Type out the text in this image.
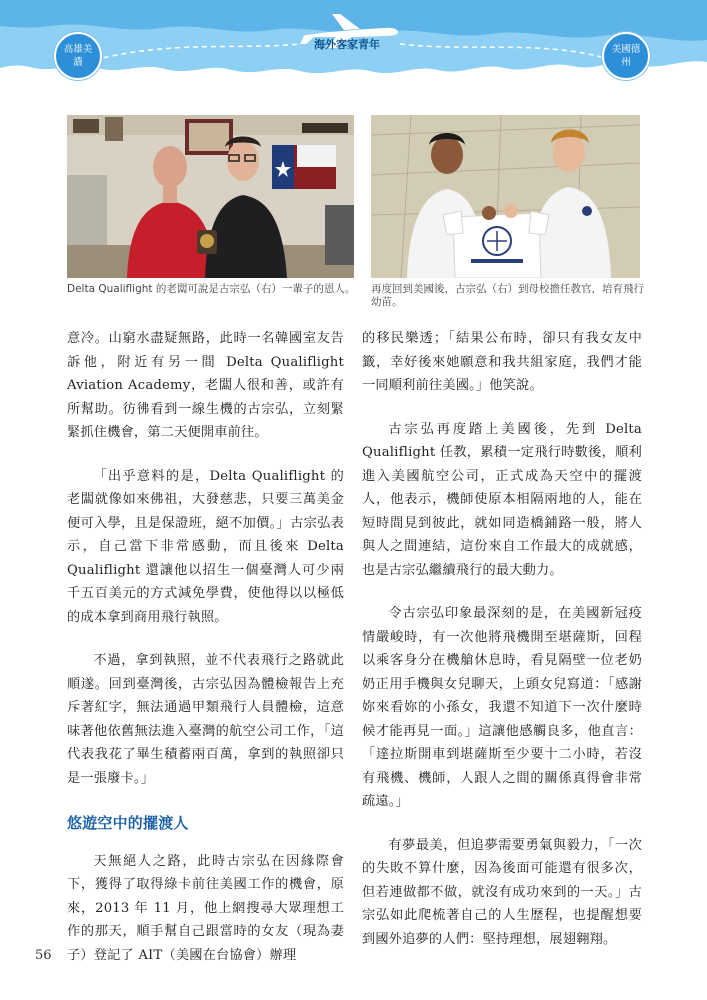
海外客家青年
高雄美濃
美國德州
Delta Qualiflight 的老闆可說是古宗弘（右）一輩子的恩人。 再度回到美國後，古宗弘（右）到母校擔任教官，培育飛行幼苗。

意冷。山窮水盡疑無路，此時一名韓國室友告訴他，附近有另一間 Delta Qualiflight Aviation Academy，老闆人很和善，或許有所幫助。彷彿看到一線生機的古宗弘，立刻緊緊抓住機會，第二天便開車前往。

「出乎意料的是，Delta Qualiflight 的老闆就像如來佛祖，大發慈悲，只要三萬美金便可入學，且是保證班，絕不加價。」古宗弘表示，自己當下非常感動，而且後來 Delta Qualiflight 還讓他以招生一個臺灣人可少兩千五百美元的方式減免學費，使他得以以極低的成本拿到商用飛行執照。

不過，拿到執照，並不代表飛行之路就此順遂。回到臺灣後，古宗弘因為體檢報告上充斥著紅字，無法通過甲類飛行人員體檢，這意味著他依舊無法進入臺灣的航空公司工作，「這代表我花了畢生積蓄兩百萬，拿到的執照卻只是一張廢卡。」

悠遊空中的擺渡人

天無絕人之路，此時古宗弘在因緣際會下，獲得了取得綠卡前往美國工作的機會，原來，2013 年 11 月，他上網搜尋大眾理想工作的那天，順手幫自己跟當時的女友（現為妻子）登記了 AIT（美國在台協會）辦理

的移民樂透；「結果公布時，卻只有我女友中籤，幸好後來她願意和我共組家庭，我們才能一同順利前往美國。」他笑說。

古宗弘再度踏上美國後，先到 Delta Qualiflight 任教，累積一定飛行時數後，順利進入美國航空公司，正式成為天空中的擺渡人，他表示，機師使原本相隔兩地的人，能在短時間見到彼此，就如同造橋鋪路一般，將人與人之間連結，這份來自工作最大的成就感，也是古宗弘繼續飛行的最大動力。

令古宗弘印象最深刻的是，在美國新冠疫情嚴峻時，有一次他將飛機開至堪薩斯，回程以乘客身分在機艙休息時，看見隔壁一位老奶奶正用手機與女兒聊天，上頭女兒寫道：「感謝妳來看妳的小孫女，我還不知道下一次什麼時候才能再見一面。」這讓他感觸良多，他直言：「達拉斯開車到堪薩斯至少要十二小時，若沒有飛機、機師，人跟人之間的關係真得會非常疏遠。」

有夢最美，但追夢需要勇氣與毅力，「一次的失敗不算什麼，因為後面可能還有很多次，但若連做都不做，就沒有成功來到的一天。」古宗弘如此爬梳著自己的人生歷程，也提醒想要到國外追夢的人們：堅持理想，展翅翱翔。

56
